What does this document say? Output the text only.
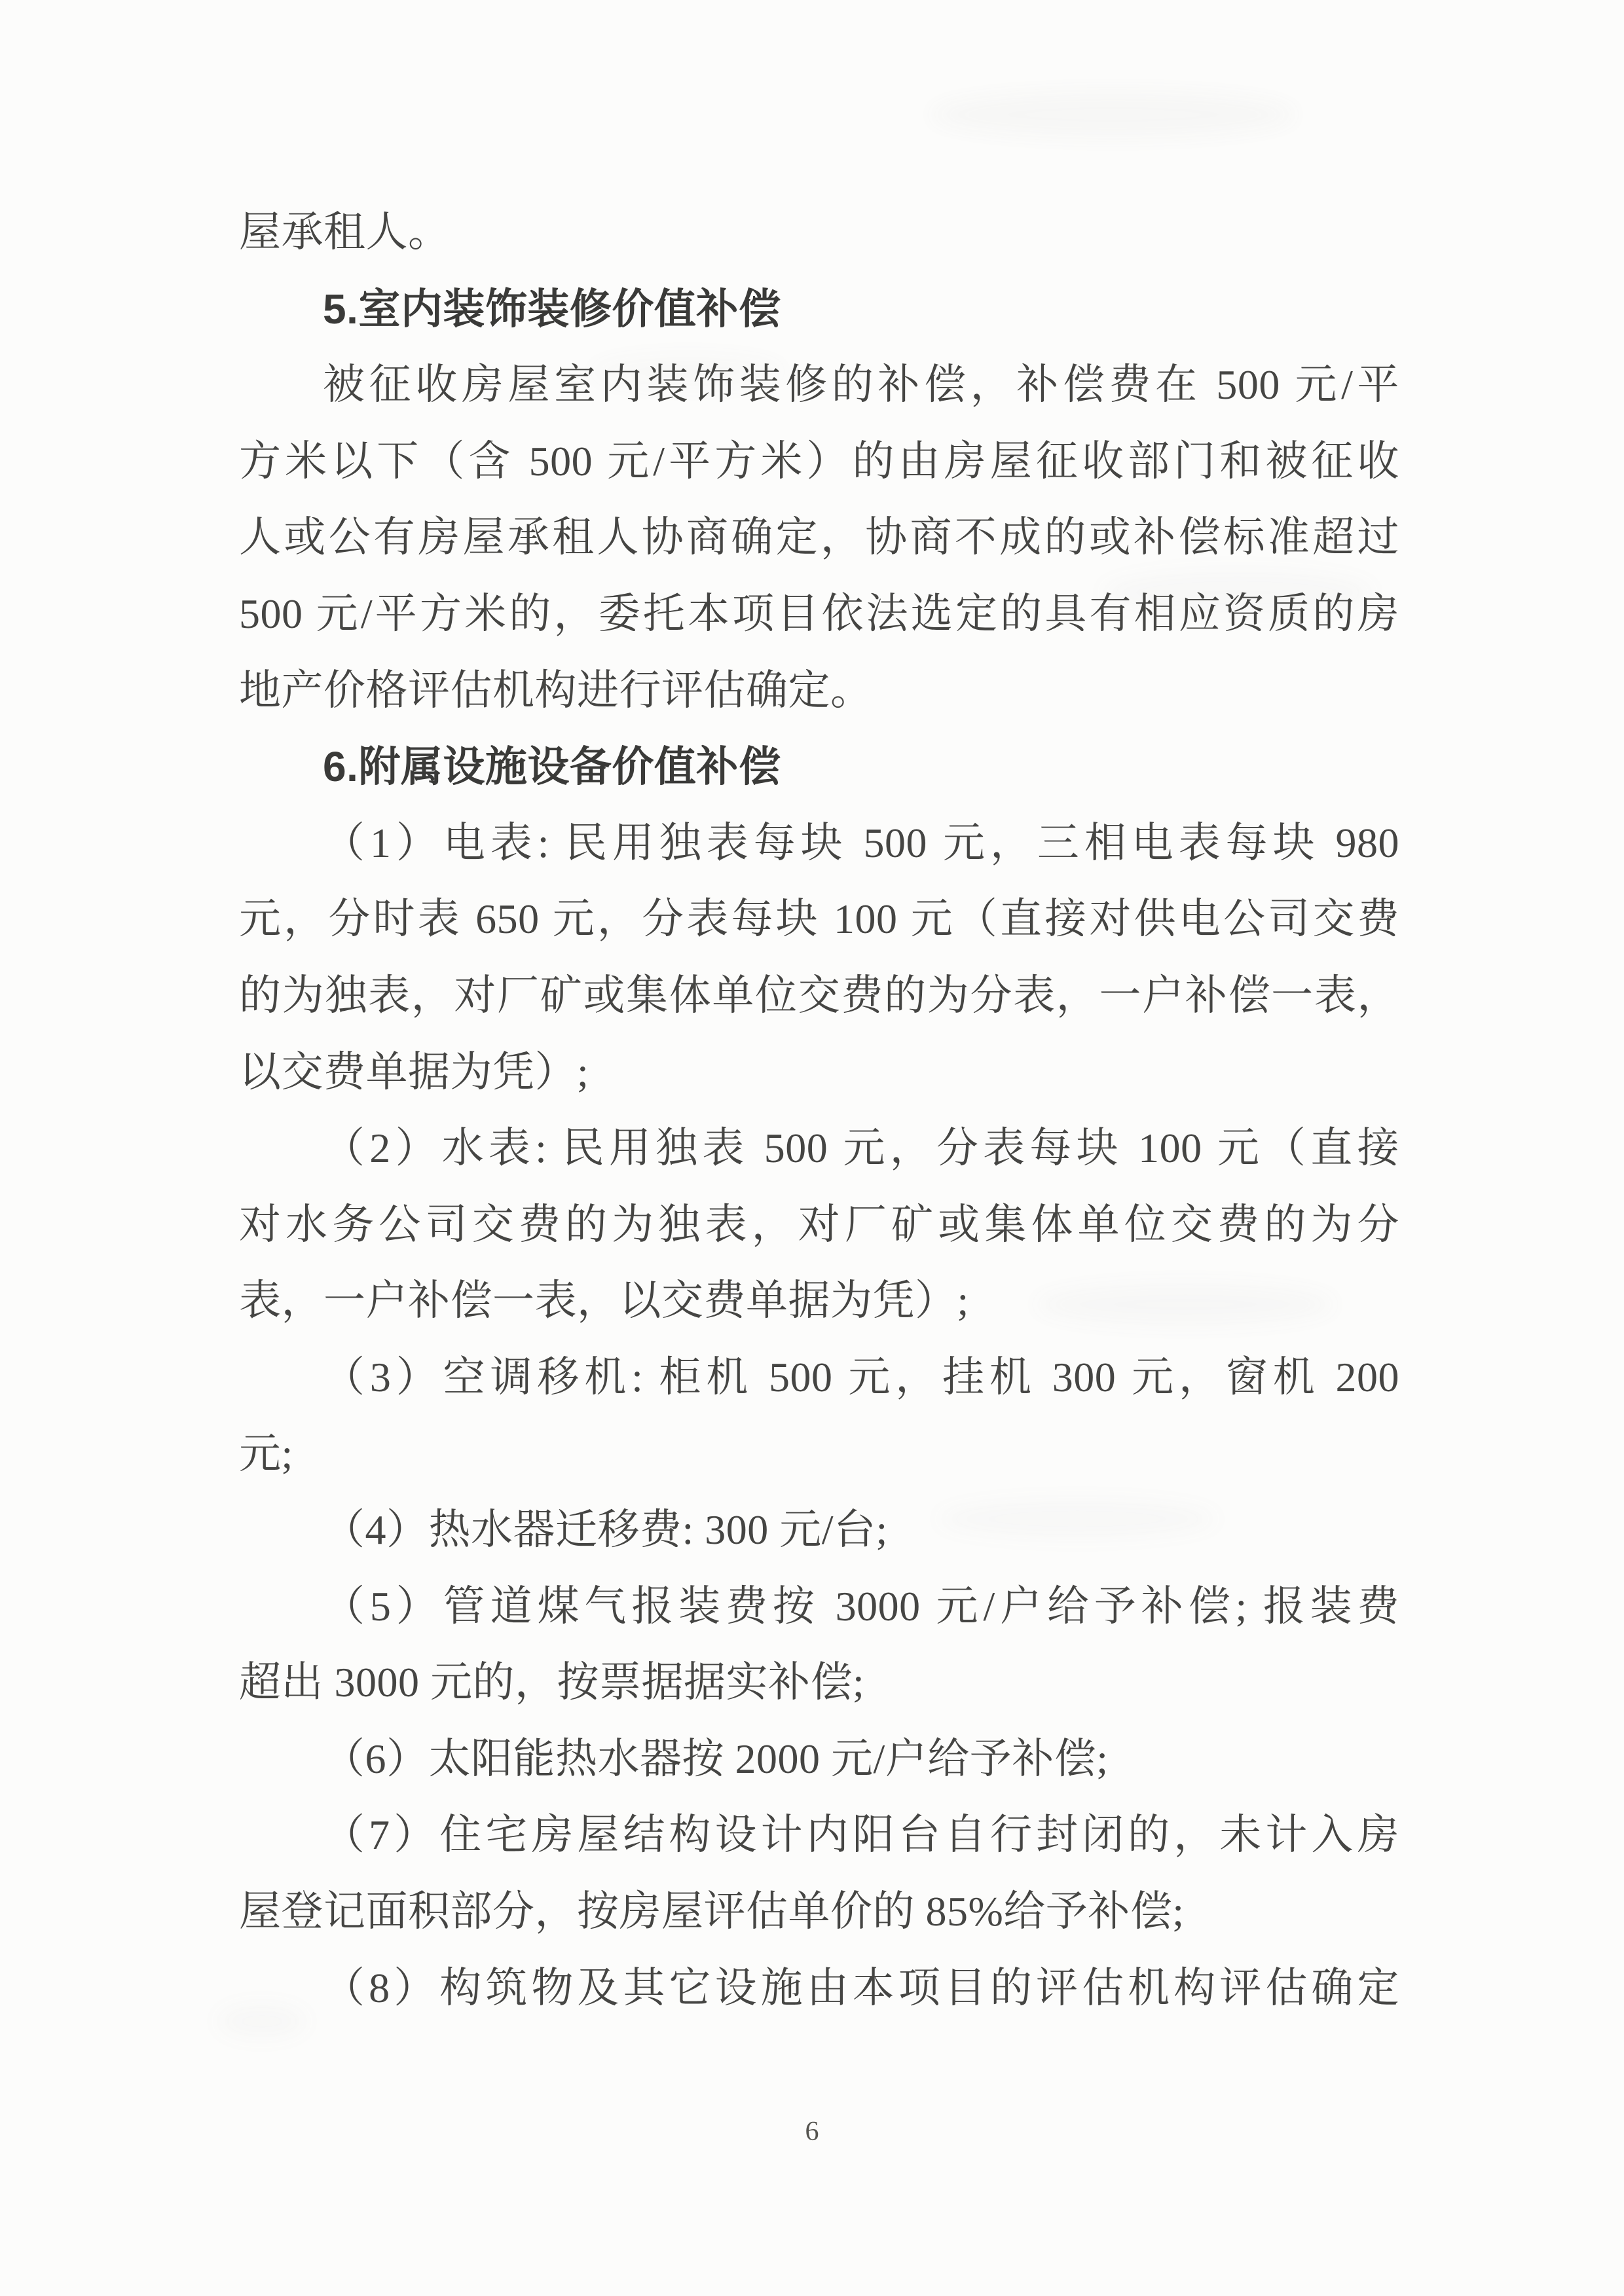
屋承租人。
5.室内装饰装修价值补偿
被征收房屋室内装饰装修的补偿，补偿费在 500 元/平
方米以下（含 500 元/平方米）的由房屋征收部门和被征收
人或公有房屋承租人协商确定，协商不成的或补偿标准超过
500 元/平方米的，委托本项目依法选定的具有相应资质的房
地产价格评估机构进行评估确定。
6.附属设施设备价值补偿
（1）电表: 民用独表每块 500 元，三相电表每块 980
元，分时表 650 元，分表每块 100 元（直接对供电公司交费
的为独表，对厂矿或集体单位交费的为分表，一户补偿一表，
以交费单据为凭）;
（2）水表: 民用独表 500 元，分表每块 100 元（直接
对水务公司交费的为独表，对厂矿或集体单位交费的为分
表，一户补偿一表，以交费单据为凭）;
（3）空调移机: 柜机 500 元，挂机 300 元，窗机 200
元;
（4）热水器迁移费: 300 元/台;
（5）管道煤气报装费按 3000 元/户给予补偿; 报装费
超出 3000 元的，按票据据实补偿;
（6）太阳能热水器按 2000 元/户给予补偿;
（7）住宅房屋结构设计内阳台自行封闭的，未计入房
屋登记面积部分，按房屋评估单价的 85%给予补偿;
（8）构筑物及其它设施由本项目的评估机构评估确定
6
